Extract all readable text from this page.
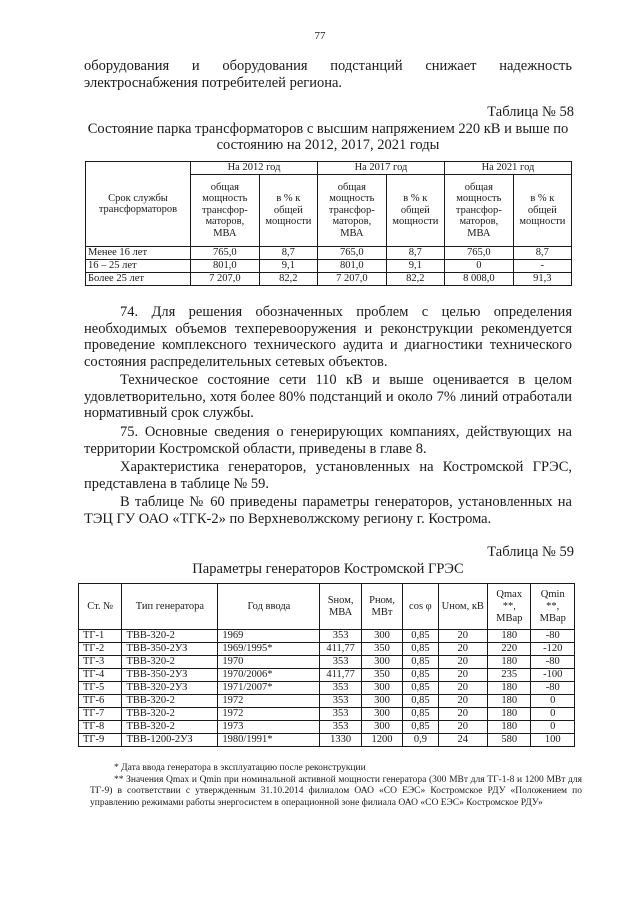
77
оборудования и оборудования подстанций снижает надежность
электроснабжения потребителей региона.
Таблица № 58
Состояние парка трансформаторов с высшим напряжением 220 кВ и выше по состоянию на 2012, 2017, 2021 годы
Срок службы трансформаторов	На 2012 год		На 2017 год		На 2021 год	
	общая мощность трансфор-маторов, МВА	в % к общей мощности	общая мощность трансфор-маторов, МВА	в % к общей мощности	общая мощность трансфор-маторов, МВА	в % к общей мощности
Менее 16 лет	765,0	8,7	765,0	8,7	765,0	8,7
16 – 25 лет	801,0	9,1	801,0	9,1	0	-
Более 25 лет	7 207,0	82,2	7 207,0	82,2	8 008,0	91,3
74. Для решения обозначенных проблем с целью определения необходимых объемов техперевооружения и реконструкции рекомендуется проведение комплексного технического аудита и диагностики технического состояния распределительных сетевых объектов.
Техническое состояние сети 110 кВ и выше оценивается в целом удовлетворительно, хотя более 80% подстанций и около 7% линий отработали нормативный срок службы.
75. Основные сведения о генерирующих компаниях, действующих на территории Костромской области, приведены в главе 8.
Характеристика генераторов, установленных на Костромской ГРЭС, представлена в таблице № 59.
В таблице № 60 приведены параметры генераторов, установленных на ТЭЦ ГУ ОАО «ТГК-2» по Верхневолжскому региону г. Кострома.
Таблица № 59
Параметры генераторов Костромской ГРЭС
Ст. №	Тип генератора	Год ввода	Sном, МВА	Pном, МВт	cos φ	Uном, кВ	Qmax **, МВар	Qmin **, МВар
ТГ-1	ТВВ-320-2	1969	353	300	0,85	20	180	-80
ТГ-2	ТВВ-350-2УЗ	1969/1995*	411,77	350	0,85	20	220	-120
ТГ-3	ТВВ-320-2	1970	353	300	0,85	20	180	-80
ТГ-4	ТВВ-350-2УЗ	1970/2006*	411,77	350	0,85	20	235	-100
ТГ-5	ТВВ-320-2УЗ	1971/2007*	353	300	0,85	20	180	-80
ТГ-6	ТВВ-320-2	1972	353	300	0,85	20	180	0
ТГ-7	ТВВ-320-2	1972	353	300	0,85	20	180	0
ТГ-8	ТВВ-320-2	1973	353	300	0,85	20	180	0
ТГ-9	ТВВ-1200-2УЗ	1980/1991*	1330	1200	0,9	24	580	100
* Дата ввода генератора в эксплуатацию после реконструкции
** Значения Qmax и Qmin при номинальной активной мощности генератора (300 МВт для ТГ-1-8 и 1200 МВт для ТГ-9) в соответствии с утвержденным 31.10.2014 филиалом ОАО «СО ЕЭС» Костромское РДУ «Положением по управлению режимами работы энергосистем в операционной зоне филиала ОАО «СО ЕЭС» Костромское РДУ»
